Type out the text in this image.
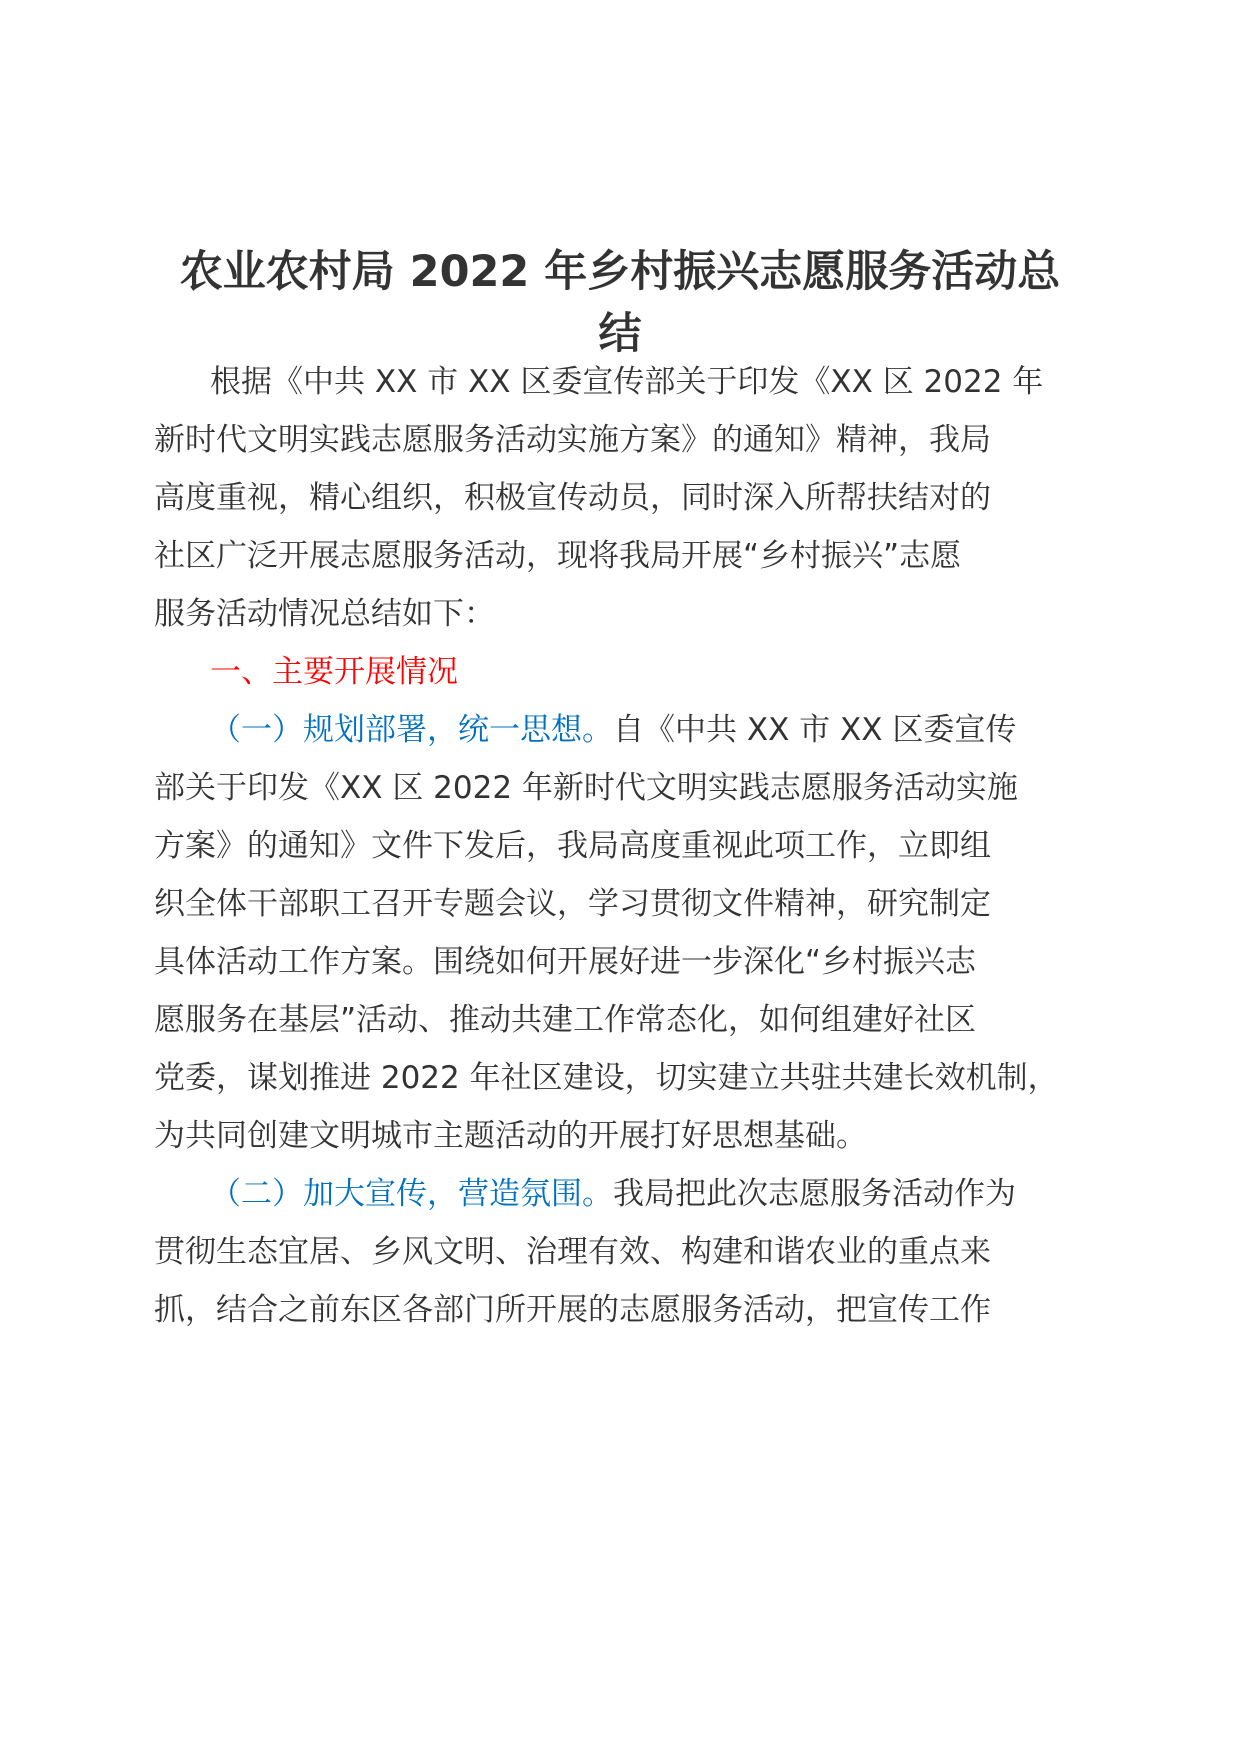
农业农村局 2022 年乡村振兴志愿服务活动总
结

根据《中共 XX 市 XX 区委宣传部关于印发《XX 区 2022 年

新时代文明实践志愿服务活动实施方案》的通知》精神，我局

高度重视，精心组织，积极宣传动员，同时深入所帮扶结对的

社区广泛开展志愿服务活动，现将我局开展“乡村振兴”志愿

服务活动情况总结如下：

一、主要开展情况

（一）规划部署，统一思想。自《中共 XX 市 XX 区委宣传

部关于印发《XX 区 2022 年新时代文明实践志愿服务活动实施

方案》的通知》文件下发后，我局高度重视此项工作，立即组

织全体干部职工召开专题会议，学习贯彻文件精神，研究制定

具体活动工作方案。围绕如何开展好进一步深化“乡村振兴志

愿服务在基层”活动、推动共建工作常态化，如何组建好社区

党委，谋划推进 2022 年社区建设，切实建立共驻共建长效机制，

为共同创建文明城市主题活动的开展打好思想基础。

（二）加大宣传，营造氛围。我局把此次志愿服务活动作为

贯彻生态宜居、乡风文明、治理有效、构建和谐农业的重点来

抓，结合之前东区各部门所开展的志愿服务活动，把宣传工作
